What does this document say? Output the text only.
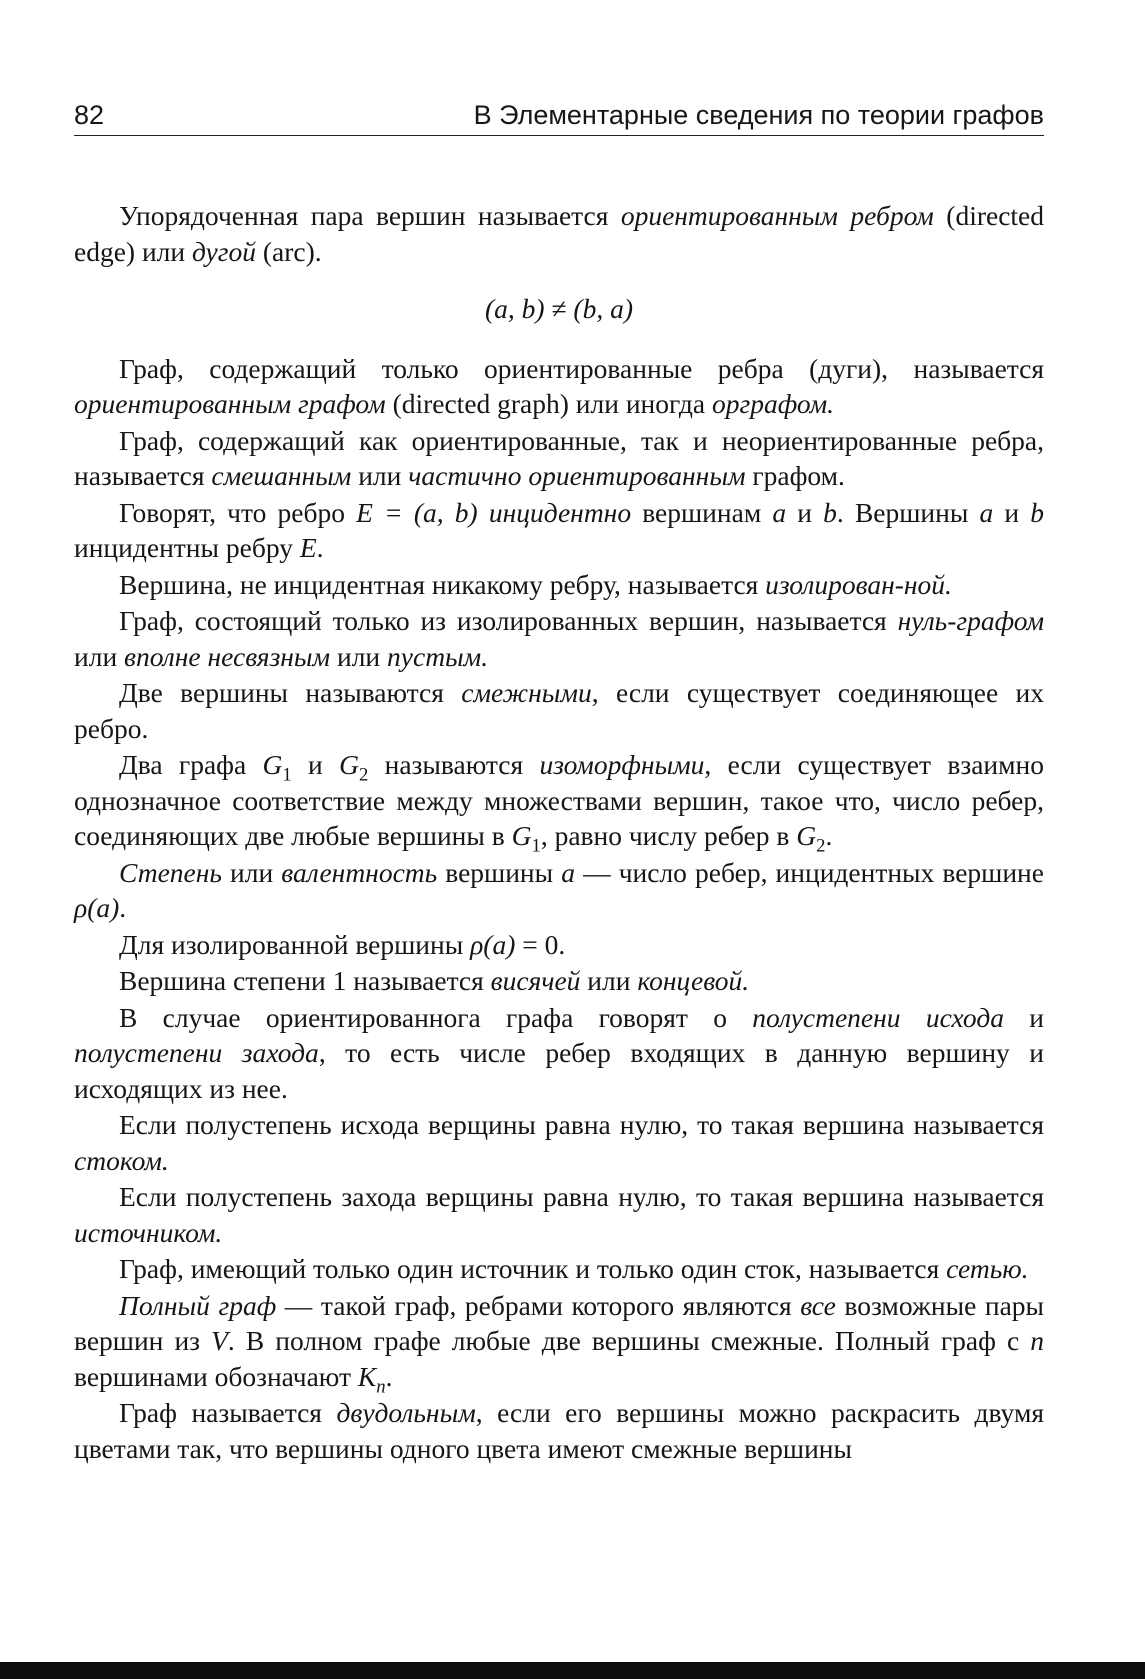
82	В Элементарные сведения по теории графов

Упорядоченная пара вершин называется ориентированным ребром (directed edge) или дугой (arc).

(a, b) ≠ (b, a)

Граф, содержащий только ориентированные ребра (дуги), называется ориентированным графом (directed graph) или иногда орграфом.

Граф, содержащий как ориентированные, так и неориентированные ребра, называется смешанным или частично ориентированным графом.

Говорят, что ребро E = (a, b) инцидентно вершинам a и b. Вершины a и b инцидентны ребру E.

Вершина, не инцидентная никакому ребру, называется изолирован-ной.

Граф, состоящий только из изолированных вершин, называется нуль-графом или вполне несвязным или пустым.

Две вершины называются смежными, если существует соединяющее их ребро.

Два графа $G_1$ и $G_2$ называются изоморфными, если существует взаимно однозначное соответствие между множествами вершин, такое что, число ребер, соединяющих две любые вершины в $G_1$, равно числу ребер в $G_2$.

Степень или валентность вершины a — число ребер, инцидентных вершине ρ(a).

Для изолированной вершины ρ(a) = 0.

Вершина степени 1 называется висячей или концевой.

В случае ориентированнога графа говорят о полустепени исхода и полустепени захода, то есть числе ребер входящих в данную вершину и исходящих из нее.

Если полустепень исхода верщины равна нулю, то такая вершина называется стоком.

Если полустепень захода верщины равна нулю, то такая вершина называется источником.

Граф, имеющий только один источник и только один сток, называется сетью.

Полный граф — такой граф, ребрами которого являются все возможные пары вершин из V. В полном графе любые две вершины смежные. Полный граф с n вершинами обозначают $K_n$.

Граф называется двудольным, если его вершины можно раскрасить двумя цветами так, что вершины одного цвета имеют смежные вершины
